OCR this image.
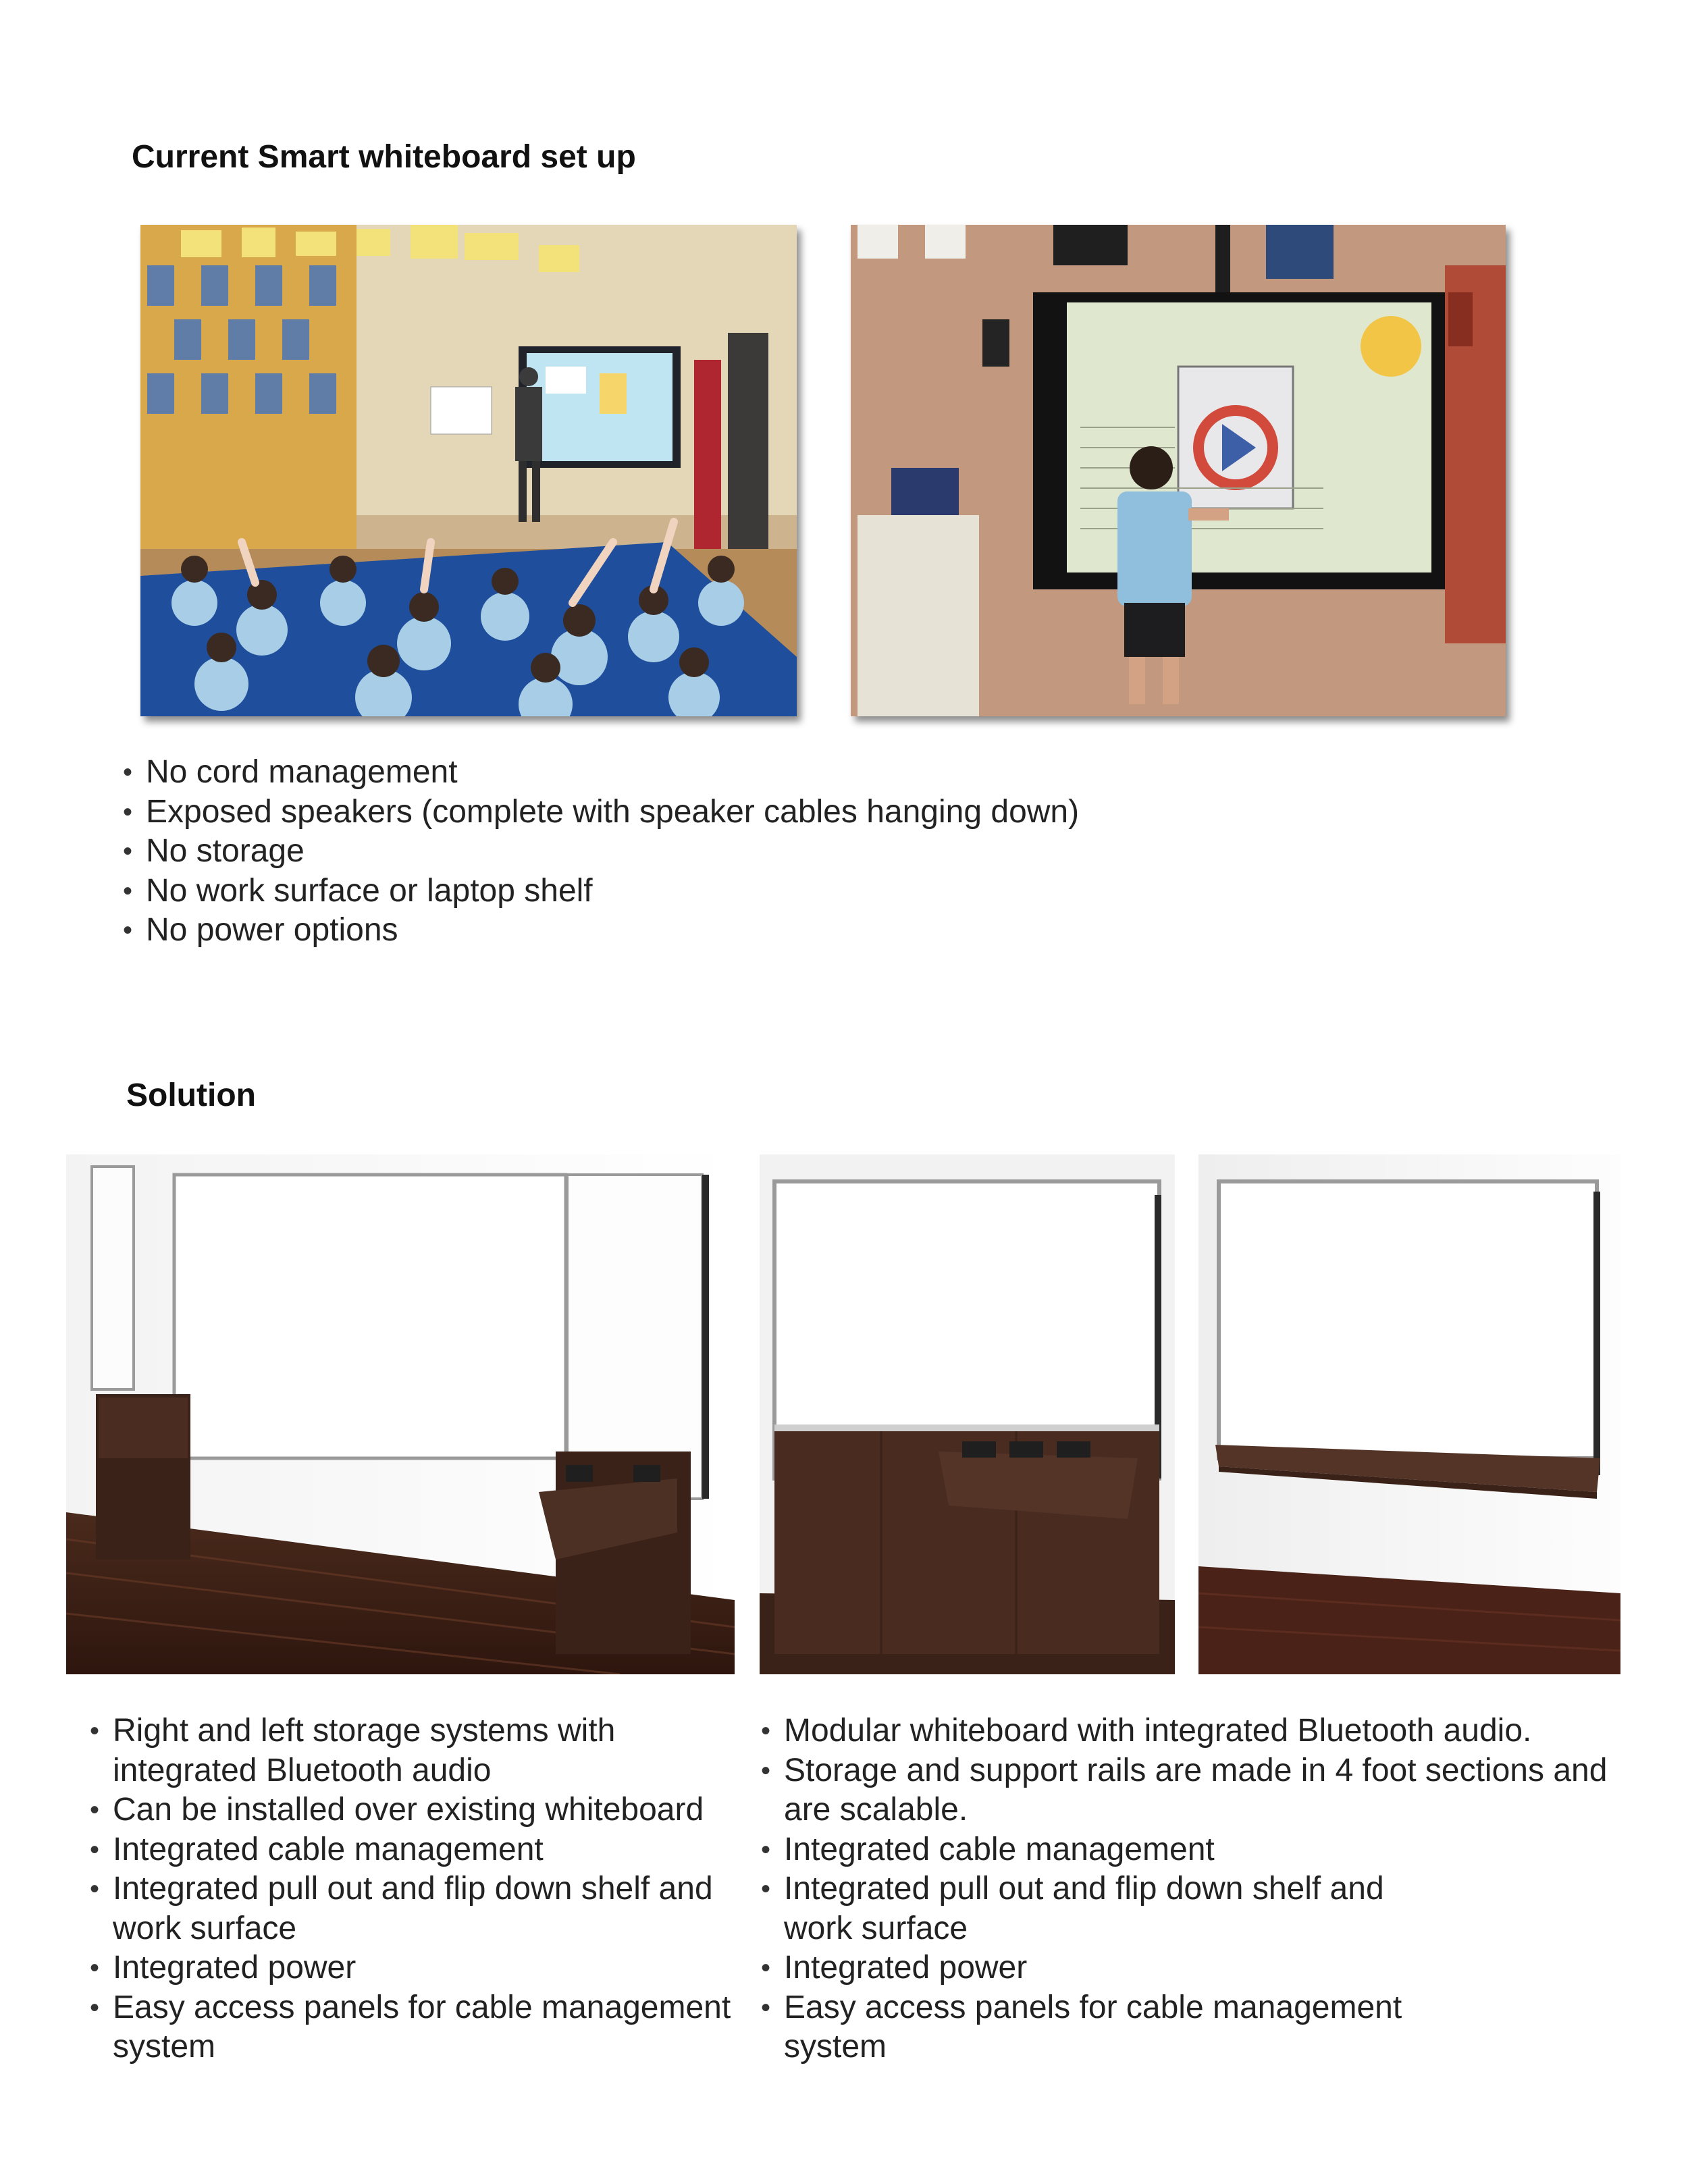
Current Smart whiteboard set up
• No cord management
• Exposed speakers (complete with speaker cables hanging down)
• No storage
• No work surface or laptop shelf
• No power options
Solution
• Right and left storage systems with integrated Bluetooth audio
• Can be installed over existing whiteboard
• Integrated cable management
• Integrated pull out and flip down shelf and work surface
• Integrated power
• Easy access panels for cable management system
• Modular whiteboard with integrated Bluetooth audio.
• Storage and support rails are made in 4 foot sections and are scalable.
• Integrated cable management
• Integrated pull out and flip down shelf and work surface
• Integrated power
• Easy access panels for cable management system
